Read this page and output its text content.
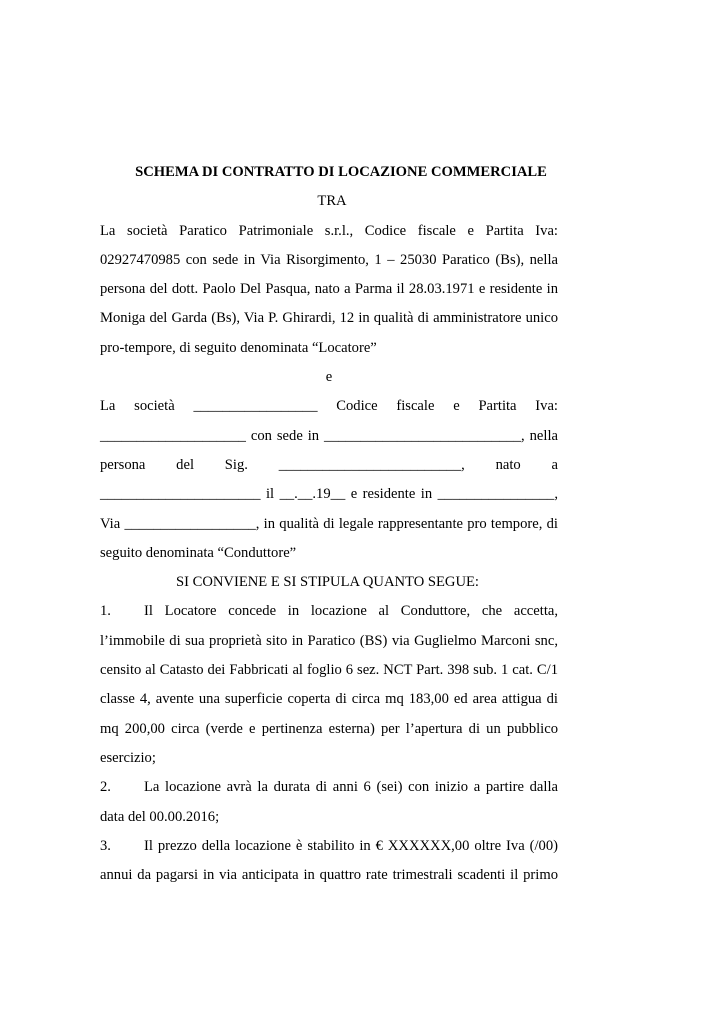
SCHEMA DI CONTRATTO DI LOCAZIONE COMMERCIALE
TRA

La società Paratico Patrimoniale s.r.l., Codice fiscale e Partita Iva:

02927470985 con sede in Via Risorgimento, 1 – 25030 Paratico (Bs), nella

persona del dott. Paolo Del Pasqua, nato a Parma il 28.03.1971 e residente in

Moniga del Garda (Bs), Via P. Ghirardi, 12 in qualità di amministratore unico

pro-tempore, di seguito denominata “Locatore”

e

La società _________________ Codice fiscale e Partita Iva:

____________________ con sede in ___________________________, nella

persona del Sig. _________________________, nato a

______________________ il __.__.19__ e residente in ________________,

Via __________________, in qualità di legale rappresentante pro tempore, di

seguito denominata “Conduttore”

SI CONVIENE E SI STIPULA QUANTO SEGUE:

1. Il Locatore concede in locazione al Conduttore, che accetta,

l’immobile di sua proprietà sito in Paratico (BS) via Guglielmo Marconi snc,

censito al Catasto dei Fabbricati al foglio 6 sez. NCT Part. 398 sub. 1 cat. C/1

classe 4, avente una superficie coperta di circa mq 183,00 ed area attigua di

mq 200,00 circa (verde e pertinenza esterna) per l’apertura di un pubblico

esercizio;

2. La locazione avrà la durata di anni 6 (sei) con inizio a partire dalla

data del 00.00.2016;

3. Il prezzo della locazione è stabilito in € XXXXXX,00 oltre Iva (/00)

annui da pagarsi in via anticipata in quattro rate trimestrali scadenti il primo
